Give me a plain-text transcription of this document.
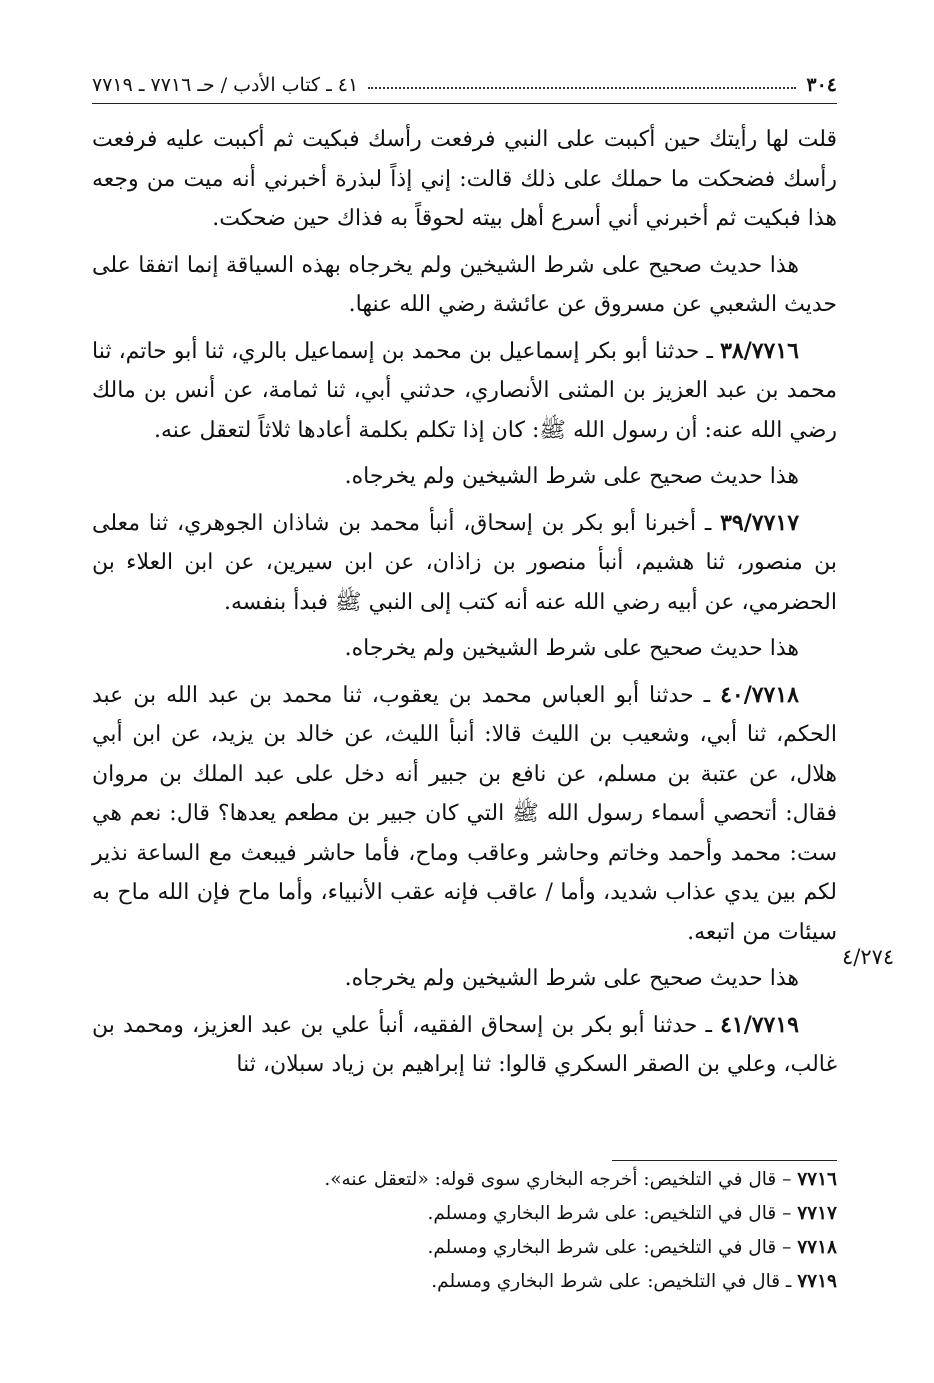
٣٠٤
٤١ ـ كتاب الأدب / حـ ٧٧١٦ ـ ٧٧١٩

قلت لها رأيتك حين أكببت على النبي فرفعت رأسك فبكيت ثم أكببت عليه فرفعت رأسك فضحكت ما حملك على ذلك قالت: إني إذاً لبذرة أخبرني أنه ميت من وجعه هذا فبكيت ثم أخبرني أني أسرع أهل بيته لحوقاً به فذاك حين ضحكت.

هذا حديث صحيح على شرط الشيخين ولم يخرجاه بهذه السياقة إنما اتفقا على حديث الشعبي عن مسروق عن عائشة رضي الله عنها.

٣٨/٧٧١٦ ـ حدثنا أبو بكر إسماعيل بن محمد بن إسماعيل بالري، ثنا أبو حاتم، ثنا محمد بن عبد العزيز بن المثنى الأنصاري، حدثني أبي، ثنا ثمامة، عن أنس بن مالك رضي الله عنه: أن رسول الله ﷺ: كان إذا تكلم بكلمة أعادها ثلاثاً لتعقل عنه.

هذا حديث صحيح على شرط الشيخين ولم يخرجاه.

٣٩/٧٧١٧ ـ أخبرنا أبو بكر بن إسحاق، أنبأ محمد بن شاذان الجوهري، ثنا معلى بن منصور، ثنا هشيم، أنبأ منصور بن زاذان، عن ابن سيرين، عن ابن العلاء بن الحضرمي، عن أبيه رضي الله عنه أنه كتب إلى النبي ﷺ فبدأ بنفسه.

هذا حديث صحيح على شرط الشيخين ولم يخرجاه.

٤٠/٧٧١٨ ـ حدثنا أبو العباس محمد بن يعقوب، ثنا محمد بن عبد الله بن عبد الحكم، ثنا أبي، وشعيب بن الليث قالا: أنبأ الليث، عن خالد بن يزيد، عن ابن أبي هلال، عن عتبة بن مسلم، عن نافع بن جبير أنه دخل على عبد الملك بن مروان فقال: أتحصي أسماء رسول الله ﷺ التي كان جبير بن مطعم يعدها؟ قال: نعم هي ست: محمد وأحمد وخاتم وحاشر وعاقب وماح، فأما حاشر فيبعث مع الساعة نذير لكم بين يدي عذاب شديد، وأما / عاقب فإنه عقب الأنبياء، وأما ماح فإن الله ماح به سيئات من اتبعه.

هذا حديث صحيح على شرط الشيخين ولم يخرجاه.

٤١/٧٧١٩ ـ حدثنا أبو بكر بن إسحاق الفقيه، أنبأ علي بن عبد العزيز، ومحمد بن غالب، وعلي بن الصقر السكري قالوا: ثنا إبراهيم بن زياد سبلان، ثنا

٤/٢٧٤
٧٧١٦ – قال في التلخيص: أخرجه البخاري سوى قوله: «لتعقل عنه».
٧٧١٧ – قال في التلخيص: على شرط البخاري ومسلم.
٧٧١٨ – قال في التلخيص: على شرط البخاري ومسلم.
٧٧١٩ ـ قال في التلخيص: على شرط البخاري ومسلم.
